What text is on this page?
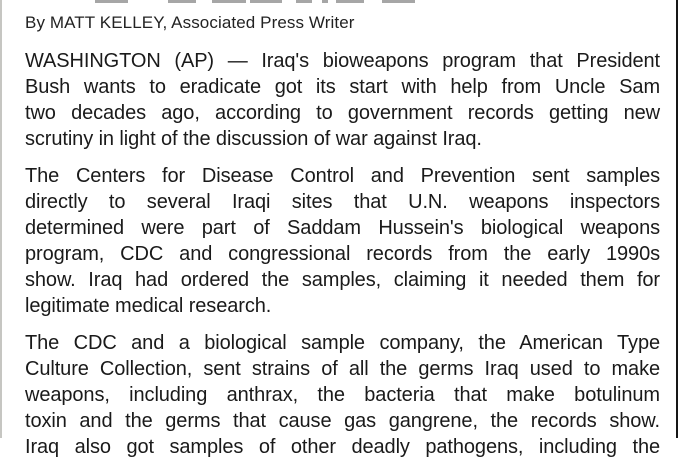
By MATT KELLEY, Associated Press Writer
WASHINGTON (AP) — Iraq's bioweapons program that President
Bush wants to eradicate got its start with help from Uncle Sam
two decades ago, according to government records getting new
scrutiny in light of the discussion of war against Iraq.
The Centers for Disease Control and Prevention sent samples
directly to several Iraqi sites that U.N. weapons inspectors
determined were part of Saddam Hussein's biological weapons
program, CDC and congressional records from the early 1990s
show. Iraq had ordered the samples, claiming it needed them for
legitimate medical research.
The CDC and a biological sample company, the American Type
Culture Collection, sent strains of all the germs Iraq used to make
weapons, including anthrax, the bacteria that make botulinum
toxin and the germs that cause gas gangrene, the records show.
Iraq also got samples of other deadly pathogens, including the
